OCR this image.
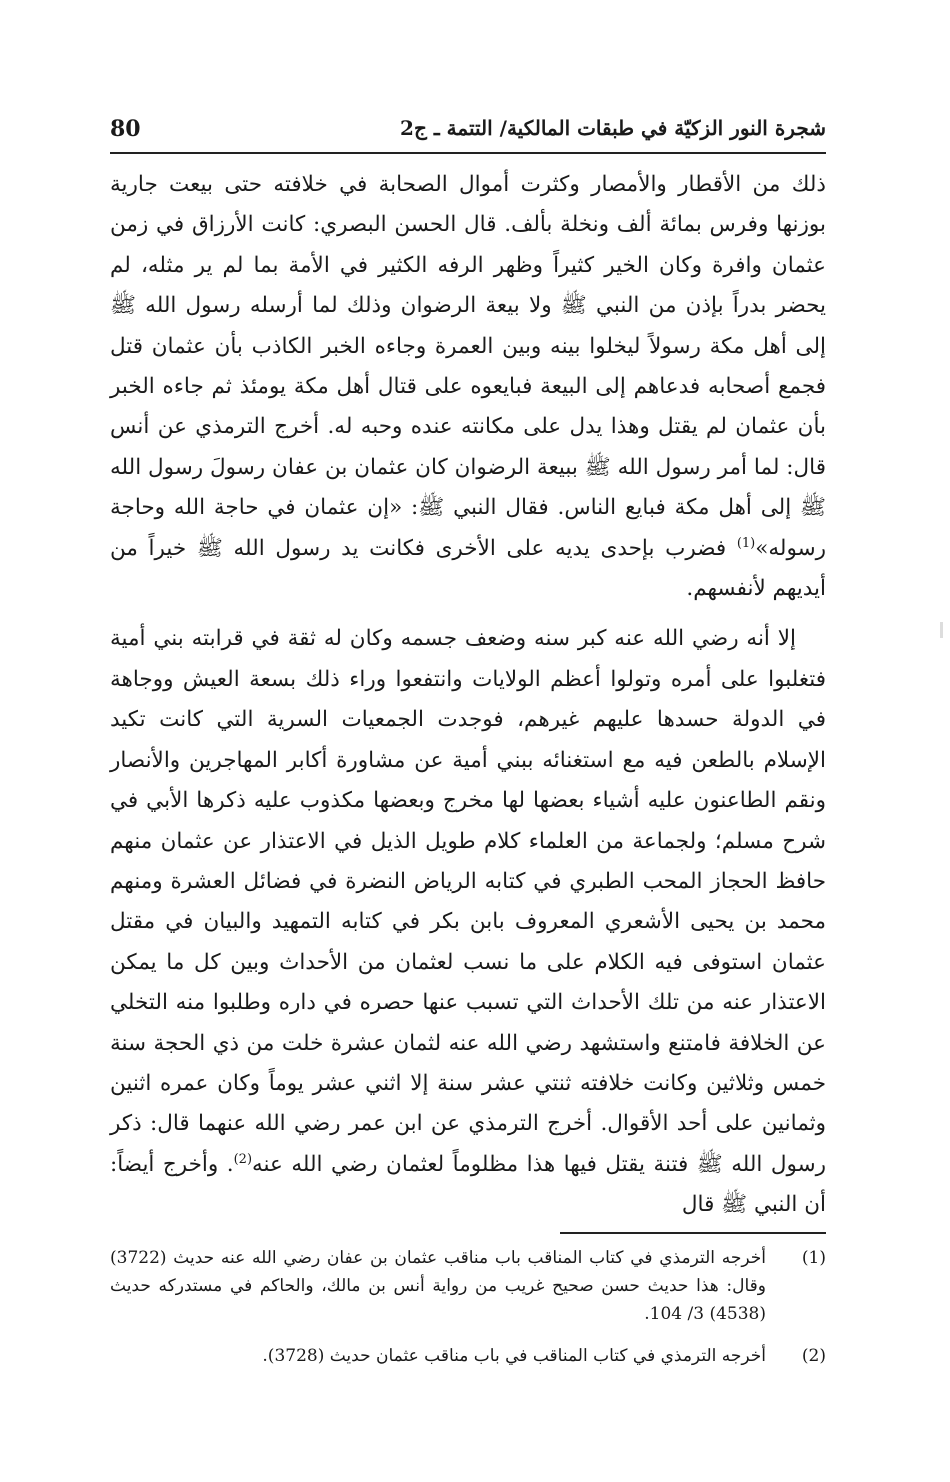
شجرة النور الزكيّة في طبقات المالكية/ التتمة ـ ج2
80

ذلك من الأقطار والأمصار وكثرت أموال الصحابة في خلافته حتى بيعت جارية بوزنها وفرس بمائة ألف ونخلة بألف. قال الحسن البصري: كانت الأرزاق في زمن عثمان وافرة وكان الخير كثيراً وظهر الرفه الكثير في الأمة بما لم ير مثله، لم يحضر بدراً بإذن من النبي ﷺ ولا بيعة الرضوان وذلك لما أرسله رسول الله ﷺ إلى أهل مكة رسولاً ليخلوا بينه وبين العمرة وجاءه الخبر الكاذب بأن عثمان قتل فجمع أصحابه فدعاهم إلى البيعة فبايعوه على قتال أهل مكة يومئذ ثم جاءه الخبر بأن عثمان لم يقتل وهذا يدل على مكانته عنده وحبه له. أخرج الترمذي عن أنس قال: لما أمر رسول الله ﷺ ببيعة الرضوان كان عثمان بن عفان رسولَ رسول الله ﷺ إلى أهل مكة فبايع الناس. فقال النبي ﷺ: «إن عثمان في حاجة الله وحاجة رسوله»$^{(1)}$ فضرب بإحدى يديه على الأخرى فكانت يد رسول الله ﷺ خيراً من أيديهم لأنفسهم.

إلا أنه رضي الله عنه كبر سنه وضعف جسمه وكان له ثقة في قرابته بني أمية فتغلبوا على أمره وتولوا أعظم الولايات وانتفعوا وراء ذلك بسعة العيش ووجاهة في الدولة حسدها عليهم غيرهم، فوجدت الجمعيات السرية التي كانت تكيد الإسلام بالطعن فيه مع استغنائه ببني أمية عن مشاورة أكابر المهاجرين والأنصار ونقم الطاعنون عليه أشياء بعضها لها مخرج وبعضها مكذوب عليه ذكرها الأبي في شرح مسلم؛ ولجماعة من العلماء كلام طويل الذيل في الاعتذار عن عثمان منهم حافظ الحجاز المحب الطبري في كتابه الرياض النضرة في فضائل العشرة ومنهم محمد بن يحيى الأشعري المعروف بابن بكر في كتابه التمهيد والبيان في مقتل عثمان استوفى فيه الكلام على ما نسب لعثمان من الأحداث وبين كل ما يمكن الاعتذار عنه من تلك الأحداث التي تسبب عنها حصره في داره وطلبوا منه التخلي عن الخلافة فامتنع واستشهد رضي الله عنه لثمان عشرة خلت من ذي الحجة سنة خمس وثلاثين وكانت خلافته ثنتي عشر سنة إلا اثني عشر يوماً وكان عمره اثنين وثمانين على أحد الأقوال. أخرج الترمذي عن ابن عمر رضي الله عنهما قال: ذكر رسول الله ﷺ فتنة يقتل فيها هذا مظلوماً لعثمان رضي الله عنه$^{(2)}$. وأخرج أيضاً: أن النبي ﷺ قال

(1)
أخرجه الترمذي في كتاب المناقب باب مناقب عثمان بن عفان رضي الله عنه حديث (3722) وقال: هذا حديث حسن صحيح غريب من رواية أنس بن مالك، والحاكم في مستدركه حديث (4538) 3/ 104.
(2)
أخرجه الترمذي في كتاب المناقب في باب مناقب عثمان حديث (3728).
